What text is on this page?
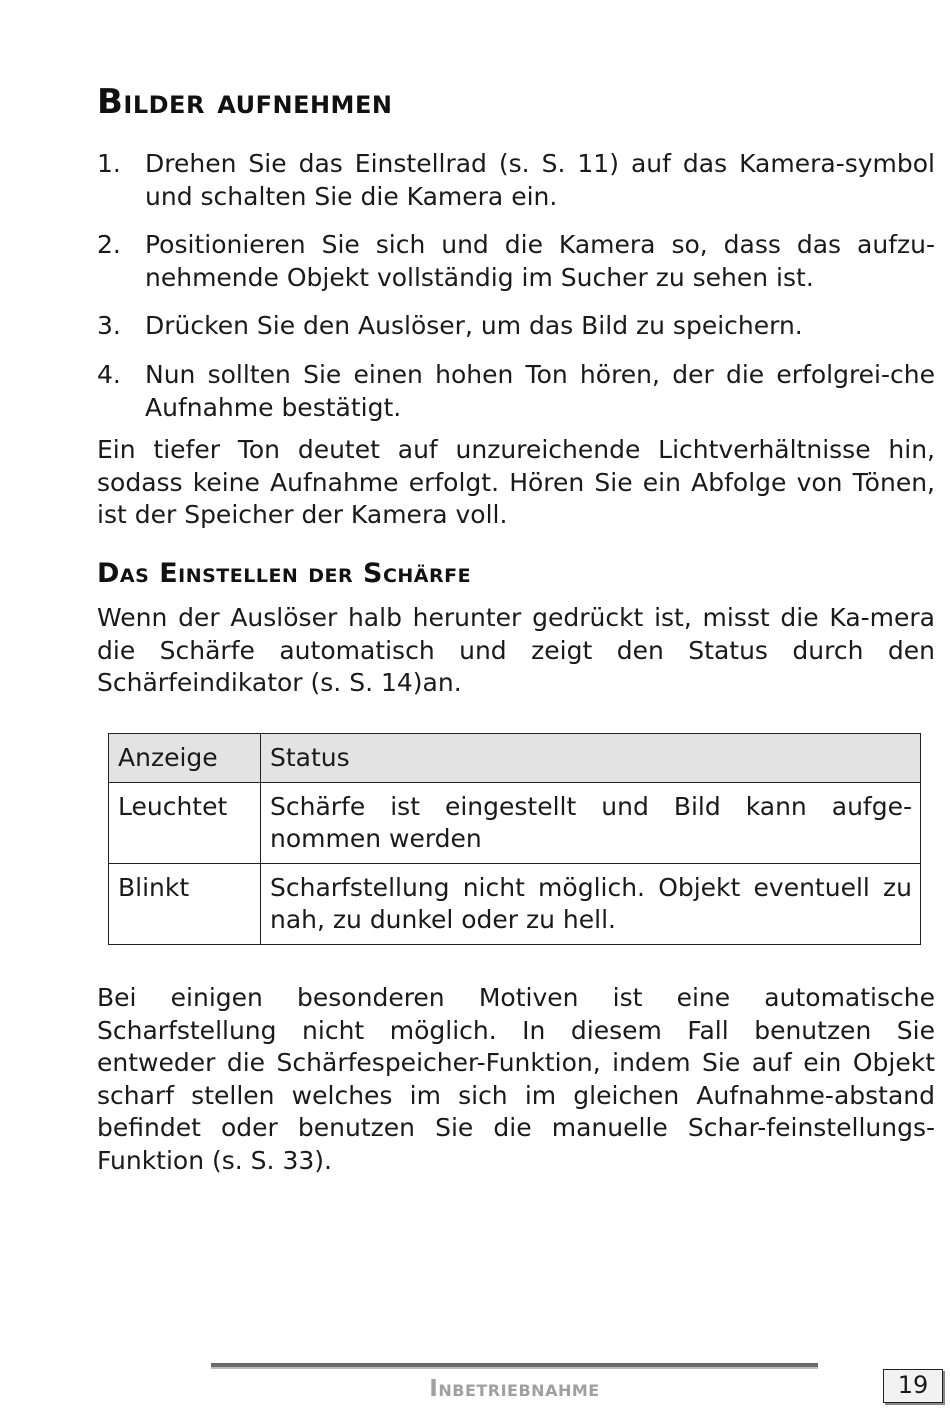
Bilder aufnehmen
1. Drehen Sie das Einstellrad (s. S. 11) auf das Kamera-symbol und schalten Sie die Kamera ein.
2. Positionieren Sie sich und die Kamera so, dass das aufzu-nehmende Objekt vollständig im Sucher zu sehen ist.
3. Drücken Sie den Auslöser, um das Bild zu speichern.
4. Nun sollten Sie einen hohen Ton hören, der die erfolgrei-che Aufnahme bestätigt.

Ein tiefer Ton deutet auf unzureichende Lichtverhältnisse hin, sodass keine Aufnahme erfolgt. Hören Sie ein Abfolge von Tönen, ist der Speicher der Kamera voll.

Das Einstellen der Schärfe

Wenn der Auslöser halb herunter gedrückt ist, misst die Ka-mera die Schärfe automatisch und zeigt den Status durch den Schärfeindikator (s. S. 14)an.

Anzeige	Status
Leuchtet	Schärfe ist eingestellt und Bild kann aufge-nommen werden
Blinkt	Scharfstellung nicht möglich. Objekt eventuell zu nah, zu dunkel oder zu hell.

Bei einigen besonderen Motiven ist eine automatische Scharfstellung nicht möglich. In diesem Fall benutzen Sie entweder die Schärfespeicher-Funktion, indem Sie auf ein Objekt scharf stellen welches im sich im gleichen Aufnahme-abstand befindet oder benutzen Sie die manuelle Schar-feinstellungs-Funktion (s. S. 33).

Inbetriebnahme	19
